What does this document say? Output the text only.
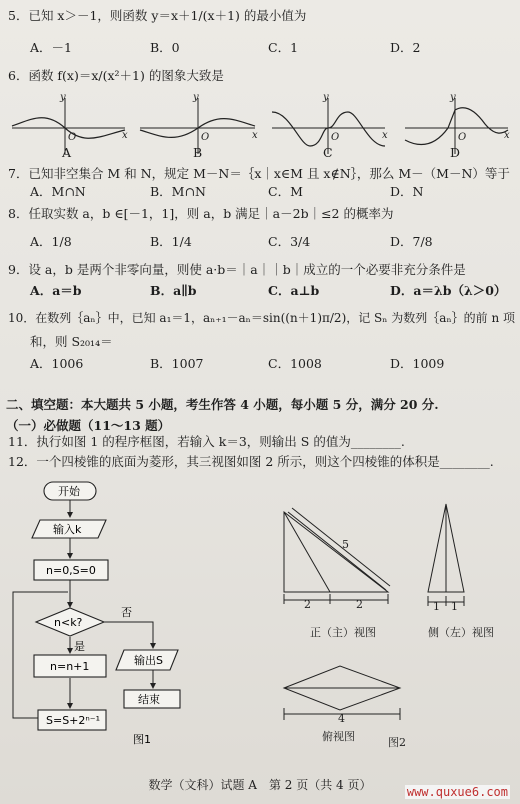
5．已知 x＞－1，则函数 y＝x＋1/(x＋1) 的最小值为
A．－1	B．0	C．1	D．2
6．函数 f(x)＝x/(x²＋1) 的图象大致是
y
x
O
y
x
O
y
x
O
y
x
O
A	B	C	D
7．已知非空集合 M 和 N，规定 M－N＝｛x｜x∈M 且 x∉N｝，那么 M－（M－N）等于
A．M∩N	B．M∩N	C．M	D．N
8．任取实数 a，b ∈[－1，1]，则 a，b 满足｜a－2b｜≤2 的概率为
A．1/8	B．1/4	C．3/4	D．7/8
9．设 a，b 是两个非零向量，则使 a·b＝｜a｜｜b｜成立的一个必要非充分条件是
A．a＝b	B．a∥b	C．a⊥b	D．a＝λb（λ＞0）
10．在数列｛aₙ｝中，已知 a₁＝1，aₙ₊₁－aₙ＝sin((n＋1)π/2)，记 Sₙ 为数列｛aₙ｝的前 n 项
和，则 S₂₀₁₄＝
A．1006	B．1007	C．1008	D．1009
二、填空题：本大题共 5 小题，考生作答 4 小题，每小题 5 分，满分 20 分.
（一）必做题（11～13 题）
11．执行如图 1 的程序框图，若输入 k＝3，则输出 S 的值为________.
12．一个四棱锥的底面为菱形，其三视图如图 2 所示，则这个四棱锥的体积是________.
开始
输入k
n=0,S=0
n<k?
否
是
n=n+1
S=S+2ⁿ⁻¹
输出S
结束
图1
5
2	2	1 1
4
正（主）视图	侧（左）视图
俯视图	图2
数学（文科）试题 A　第 2 页（共 4 页）	www.quxue6.com
